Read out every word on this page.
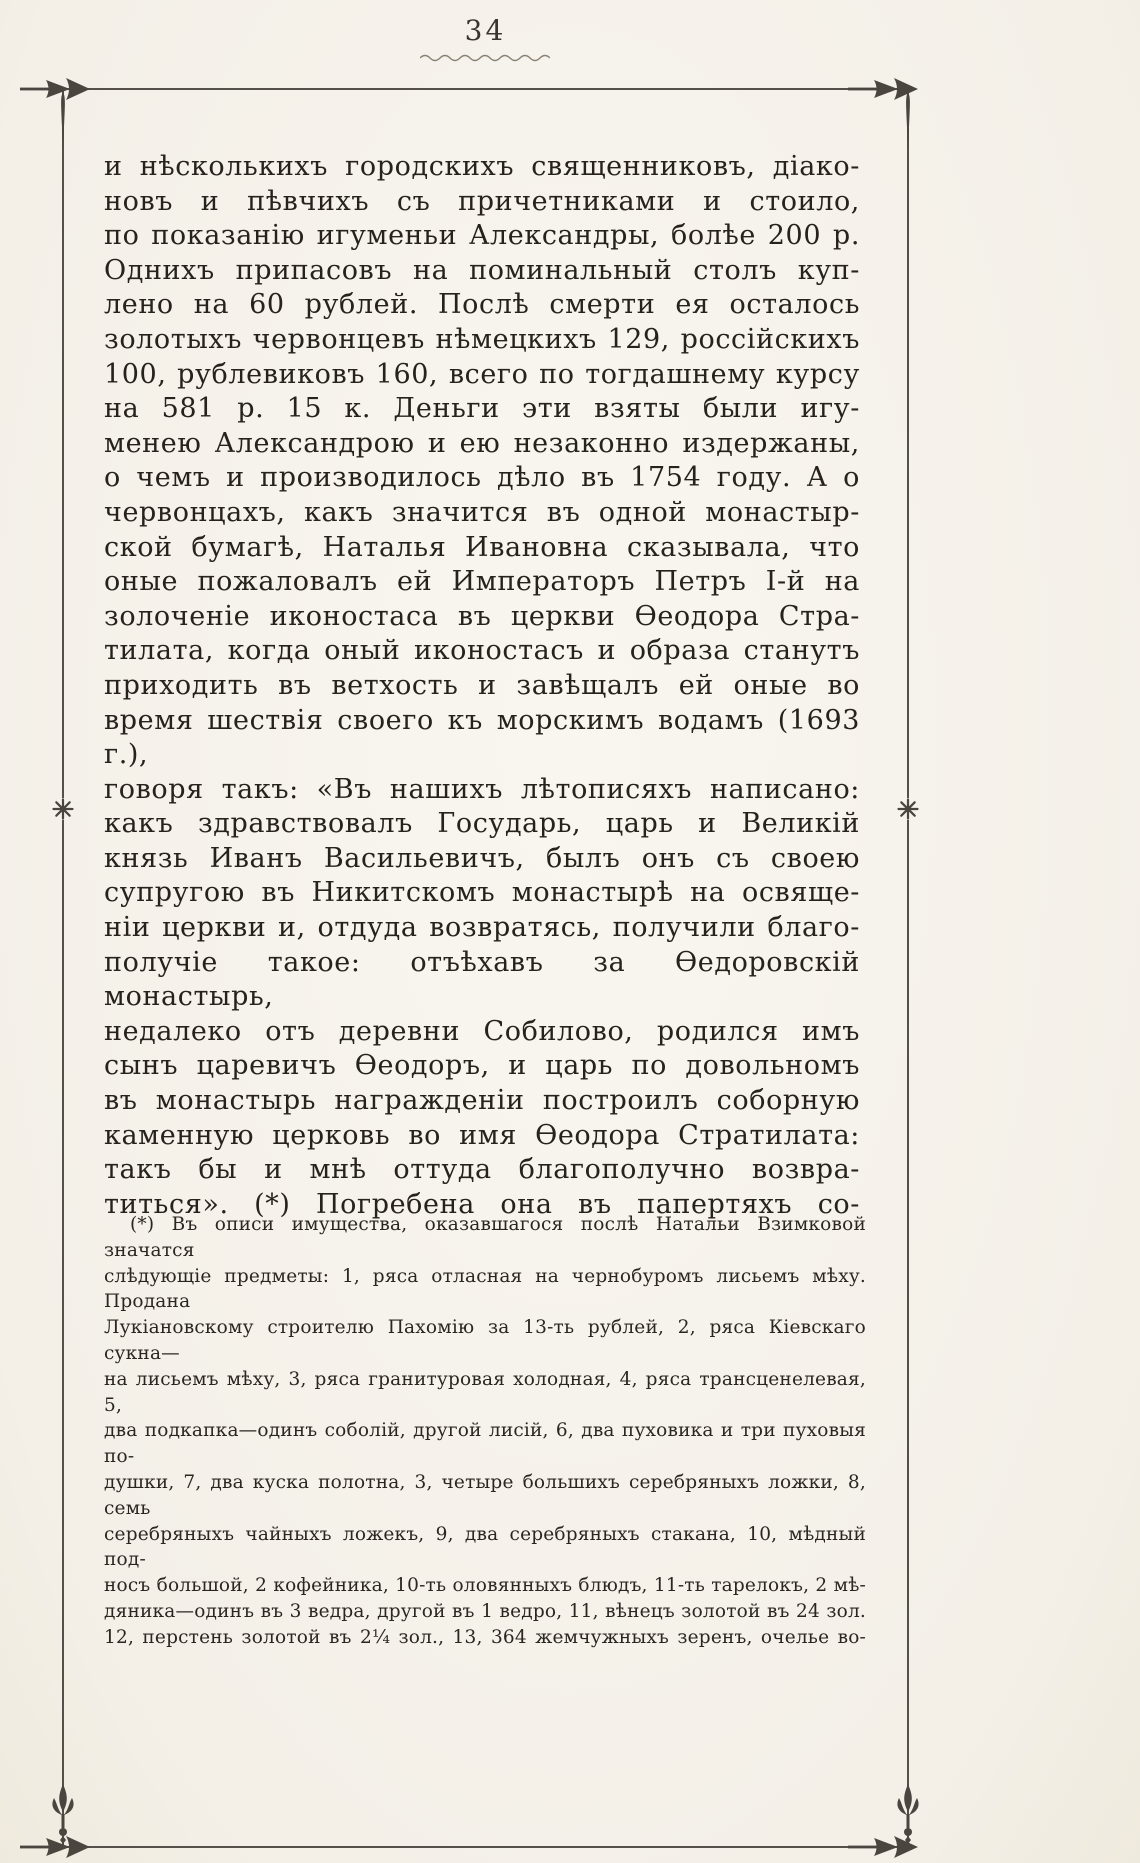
34
и нѣсколькихъ городскихъ священниковъ, діако-
новъ и пѣвчихъ съ причетниками и стоило,
по показанію игуменьи Александры, болѣе 200 р.
Однихъ припасовъ на поминальный столъ куп-
лено на 60 рублей. Послѣ смерти ея осталось
золотыхъ червонцевъ нѣмецкихъ 129, россійскихъ
100, рублевиковъ 160, всего по тогдашнему курсу
на 581 р. 15 к. Деньги эти взяты были игу-
менею Александрою и ею незаконно издержаны,
о чемъ и производилось дѣло въ 1754 году. А о
червонцахъ, какъ значится въ одной монастыр-
ской бумагѣ, Наталья Ивановна сказывала, что
оные пожаловалъ ей Императоръ Петръ I-й на
золоченіе иконостаса въ церкви Ѳеодора Стра-
тилата, когда оный иконостасъ и образа станутъ
приходить въ ветхость и завѣщалъ ей оные во
время шествія своего къ морскимъ водамъ (1693 г.),
говоря такъ: «Въ нашихъ лѣтописяхъ написано:
какъ здравствовалъ Государь, царь и Великій
князь Иванъ Васильевичъ, былъ онъ съ своею
супругою въ Никитскомъ монастырѣ на освяще-
ніи церкви и, отдуда возвратясь, получили благо-
получіе такое: отъѣхавъ за Ѳедоровскій монастырь,
недалеко отъ деревни Собилово, родился имъ
сынъ царевичъ Ѳеодоръ, и царь по довольномъ
въ монастырь награжденіи построилъ соборную
каменную церковь во имя Ѳеодора Стратилата:
такъ бы и мнѣ оттуда благополучно возвра-
титься». (*) Погребена она въ папертяхъ со-
(*) Въ описи имущества, оказавшагося послѣ Натальи Взимковой значатся
слѣдующіе предметы: 1, ряса отласная на чернобуромъ лисьемъ мѣху. Продана
Лукіановскому строителю Пахомію за 13-ть рублей, 2, ряса Кіевскаго сукна—
на лисьемъ мѣху, 3, ряса гранитуровая холодная, 4, ряса трансценелевая, 5,
два подкапка—одинъ соболій, другой лисій, 6, два пуховика и три пуховыя по-
душки, 7, два куска полотна, 3, четыре большихъ серебряныхъ ложки, 8, семь
серебряныхъ чайныхъ ложекъ, 9, два серебряныхъ стакана, 10, мѣдный под-
носъ большой, 2 кофейника, 10-ть оловянныхъ блюдъ, 11-ть тарелокъ, 2 мѣ-
дяника—одинъ въ 3 ведра, другой въ 1 ведро, 11, вѣнецъ золотой въ 24 зол.
12, перстень золотой въ 2¼ зол., 13, 364 жемчужныхъ зеренъ, очелье во-
